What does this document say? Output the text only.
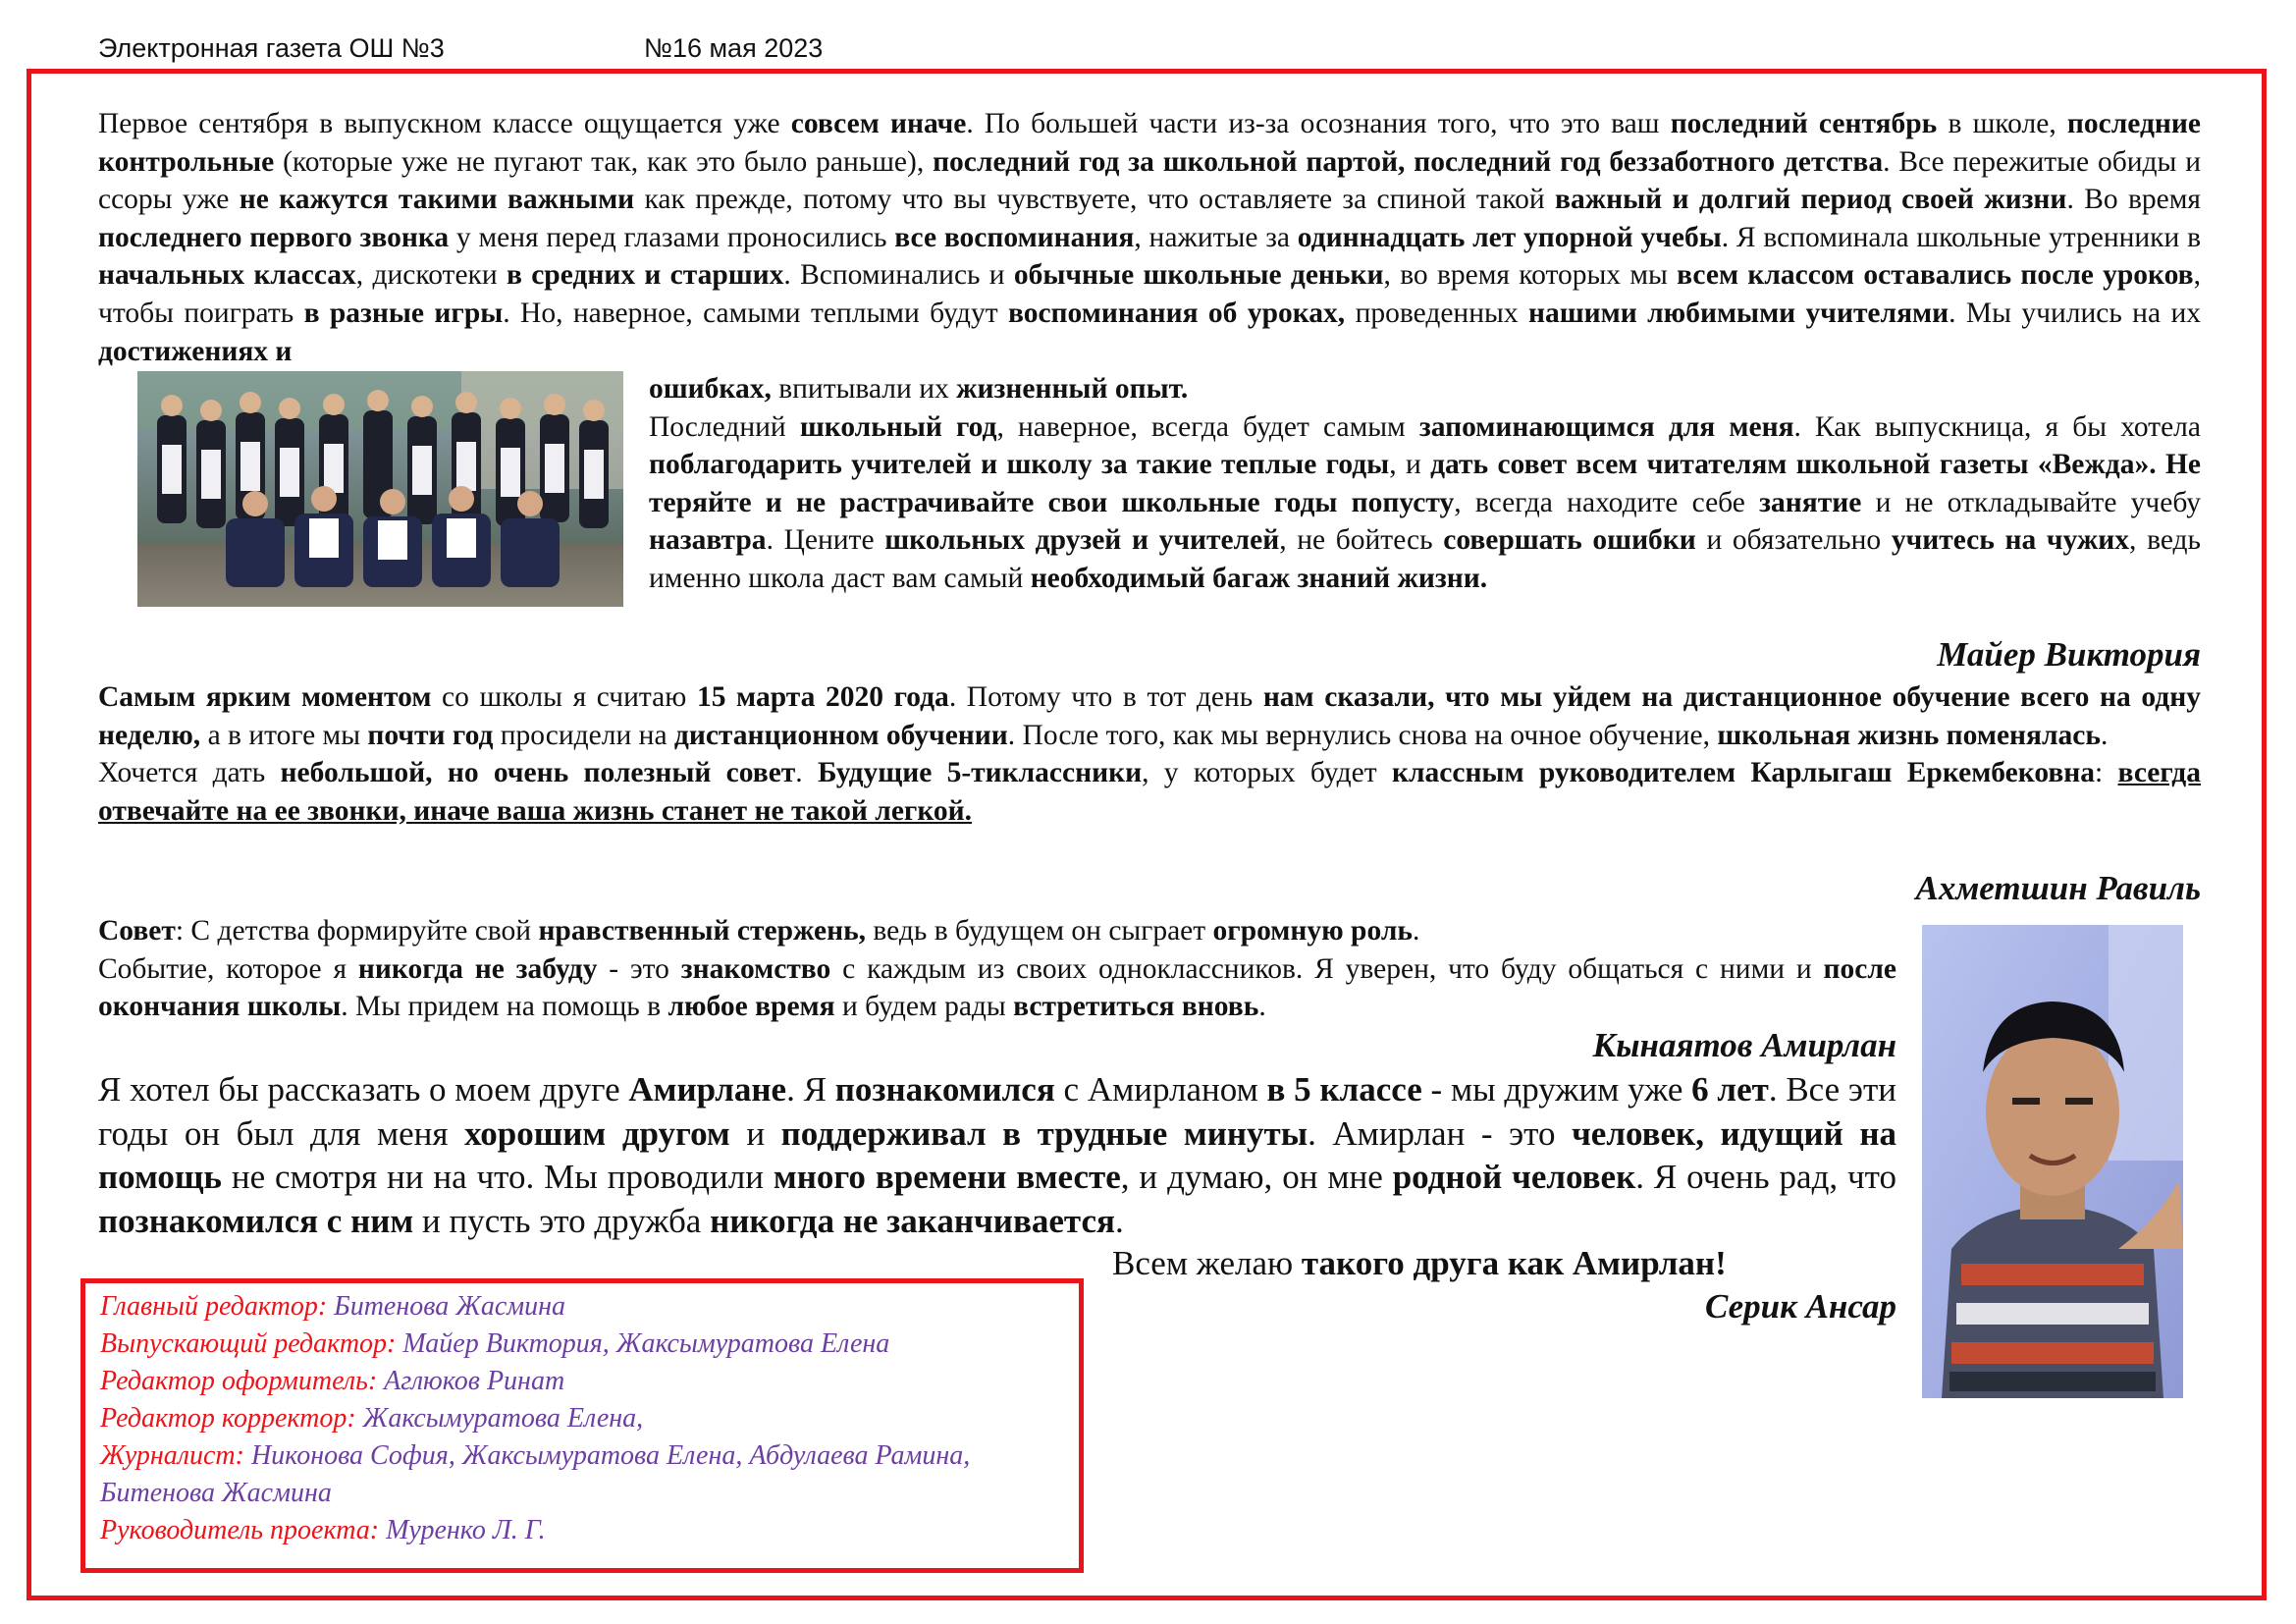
Электронная газета ОШ №3	№16 мая 2023

Первое сентября в выпускном классе ощущается уже совсем иначе. По большей части из-за осознания того, что это ваш последний сентябрь в школе, последние контрольные (которые уже не пугают так, как это было раньше), последний год за школьной партой, последний год беззаботного детства. Все пережитые обиды и ссоры уже не кажутся такими важными как прежде, потому что вы чувствуете, что оставляете за спиной такой важный и долгий период своей жизни. Во время последнего первого звонка у меня перед глазами проносились все воспоминания, нажитые за одиннадцать лет упорной учебы. Я вспоминала школьные утренники в начальных классах, дискотеки в средних и старших. Вспоминались и обычные школьные деньки, во время которых мы всем классом оставались после уроков, чтобы поиграть в разные игры. Но, наверное, самыми теплыми будут воспоминания об уроках, проведенных нашими любимыми учителями. Мы учились на их достижениях и

ошибках, впитывали их жизненный опыт.

Последний школьный год, наверное, всегда будет самым запоминающимся для меня. Как выпускница, я бы хотела поблагодарить учителей и школу за такие теплые годы, и дать совет всем читателям школьной газеты «Вежда». Не теряйте и не растрачивайте свои школьные годы попусту, всегда находите себе занятие и не откладывайте учебу назавтра. Цените школьных друзей и учителей, не бойтесь совершать ошибки и обязательно учитесь на чужих, ведь именно школа даст вам самый необходимый багаж знаний жизни.

Майер Виктория

Самым ярким моментом со школы я считаю 15 марта 2020 года. Потому что в тот день нам сказали, что мы уйдем на дистанционное обучение всего на одну неделю, а в итоге мы почти год просидели на дистанционном обучении. После того, как мы вернулись снова на очное обучение, школьная жизнь поменялась.

Хочется дать небольшой, но очень полезный совет. Будущие 5-тиклассники, у которых будет классным руководителем Карлыгаш Еркембековна: всегда отвечайте на ее звонки, иначе ваша жизнь станет не такой легкой.

Ахметшин Равиль

Совет: С детства формируйте свой нравственный стержень, ведь в будущем он сыграет огромную роль.

Событие, которое я никогда не забуду - это знакомство с каждым из своих одноклассников. Я уверен, что буду общаться с ними и после окончания школы. Мы придем на помощь в любое время и будем рады встретиться вновь.

Кынаятов Амирлан

Я хотел бы рассказать о моем друге Амирлане. Я познакомился с Амирланом в 5 классе - мы дружим уже 6 лет. Все эти годы он был для меня хорошим другом и поддерживал в трудные минуты. Амирлан - это человек, идущий на помощь не смотря ни на что. Мы проводили много времени вместе, и думаю, он мне родной человек. Я очень рад, что познакомился с ним и пусть это дружба никогда не заканчивается.

Всем желаю такого друга как Амирлан!

Серик Ансар
Главный редактор: Битенова Жасмина
Выпускающий редактор: Майер Виктория, Жаксымуратова Елена
Редактор оформитель: Аглюков Ринат
Редактор корректор: Жаксымуратова Елена,
Журналист: Никонова София, Жаксымуратова Елена, Абдулаева Рамина,
Битенова Жасмина
Руководитель проекта: Муренко Л. Г.
